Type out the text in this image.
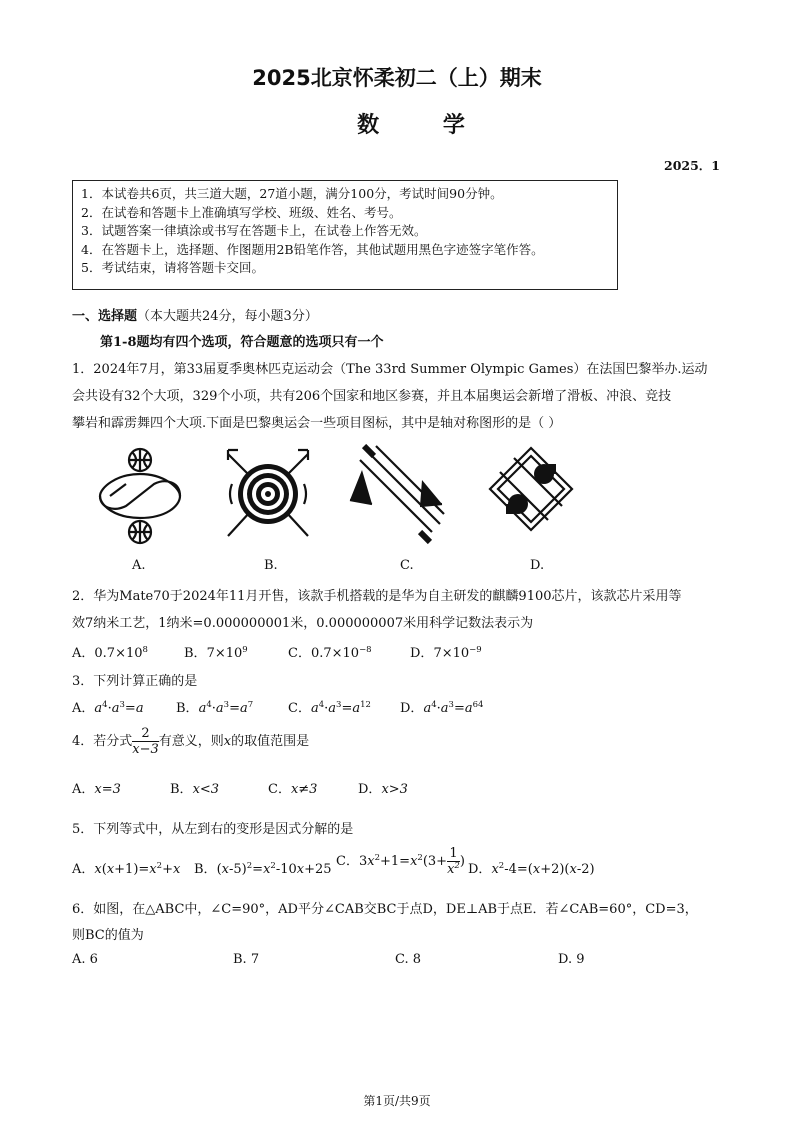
2025北京怀柔初二（上）期末
数 学
2025．1
1．本试卷共6页，共三道大题，27道小题，满分100分，考试时间90分钟。
2．在试卷和答题卡上准确填写学校、班级、姓名、考号。
3．试题答案一律填涂或书写在答题卡上，在试卷上作答无效。
4．在答题卡上，选择题、作图题用2B铅笔作答，其他试题用黑色字迹签字笔作答。
5．考试结束，请将答题卡交回。
一、选择题（本大题共24分，每小题3分）
第1-8题均有四个选项，符合题意的选项只有一个
1．2024年7月，第33届夏季奥林匹克运动会（The 33rd Summer Olympic Games）在法国巴黎举办.运动
会共设有32个大项，329个小项，共有206个国家和地区参赛，并且本届奥运会新增了滑板、冲浪、竞技
攀岩和霹雳舞四个大项.下面是巴黎奥运会一些项目图标，其中是轴对称图形的是（ ）
A.	B.	C.	D.
2．华为Mate70于2024年11月开售，该款手机搭载的是华为自主研发的麒麟9100芯片，该款芯片采用等
效7纳米工艺，1纳米=0.000000001米，0.000000007米用科学记数法表示为
A．$0.7\times 10^8$	B．$7\times 10^9$	C．$0.7\times 10^{-8}$	D．$7\times 10^{-9}$
3．下列计算正确的是
A．$a^4\cdot a^3=a$ B．$a^4\cdot a^3=a^7$	C．$a^4\cdot a^3=a^{12}$ D．$a^4\cdot a^3=a^{64}$
4．若分式 $\frac{2}{x-3}$ 有意义，则x的取值范围是
A．x=3	B．x<3	C．x≠3	D．x>3
5．下列等式中，从左到右的变形是因式分解的是
A．$x(x+1)=x^2+x$ B．$(x-5)^2=x^2-10x+25$
C．$3x^2+1=x^2(3+ \frac{1}{x^2}$ )
D．$x^2-4=(x+2)(x-2)$
6．如图，在△ABC中，∠C=90°，AD平分∠CAB交BC于点D，DE⊥AB于点E．若∠CAB=60°，CD=3，
则BC的值为
A. 6	B. 7	C. 8	D. 9
第1页/共9页
